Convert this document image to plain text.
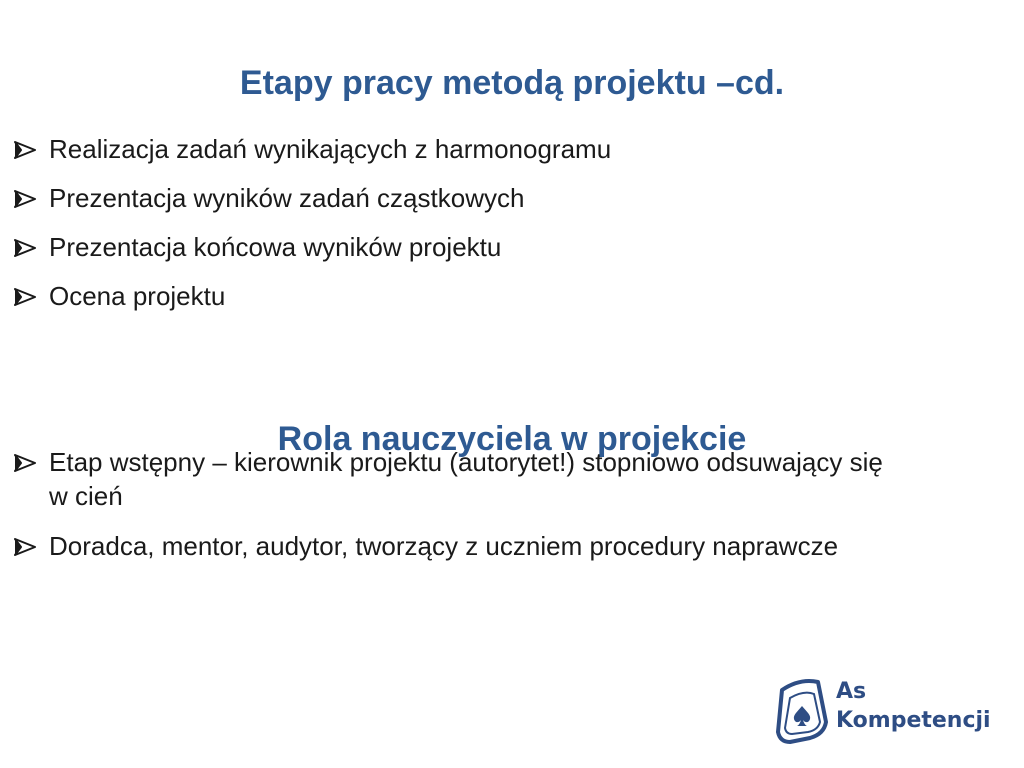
Etapy pracy metodą projektu –cd.
Realizacja zadań wynikających z harmonogramu
Prezentacja wyników zadań cząstkowych
Prezentacja końcowa wyników projektu
Ocena projektu
Rola nauczyciela w projekcie
Etap wstępny – kierownik projektu (autorytet!) stopniowo odsuwający się w cień
Doradca, mentor, audytor, tworzący z uczniem procedury naprawcze
As
Kompetencji
